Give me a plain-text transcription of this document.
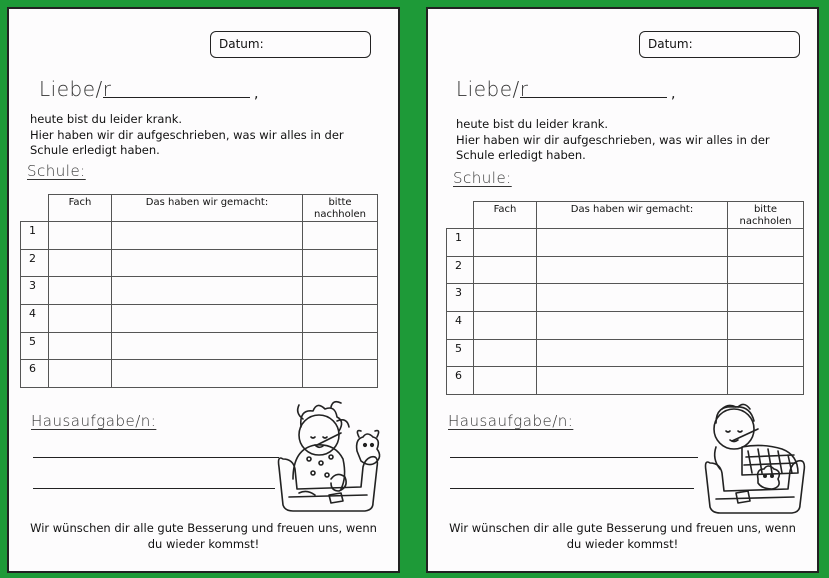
Datum:
Liebe/r	,

heute bist du leider krank.
Hier haben wir dir aufgeschrieben, was wir alles in der
Schule erledigt haben.

Schule:
	Fach	Das haben wir gemacht:	bitte nachholen
1			
2			
3			
4			
5			
6			
Hausaufgabe/n:

Wir wünschen dir alle gute Besserung und freuen uns, wenn
du wieder kommst!

Datum:
Liebe/r	,

heute bist du leider krank.
Hier haben wir dir aufgeschrieben, was wir alles in der
Schule erledigt haben.

Schule:
	Fach	Das haben wir gemacht:	bitte nachholen
1			
2			
3			
4			
5			
6			
Hausaufgabe/n:

Wir wünschen dir alle gute Besserung und freuen uns, wenn
du wieder kommst!
